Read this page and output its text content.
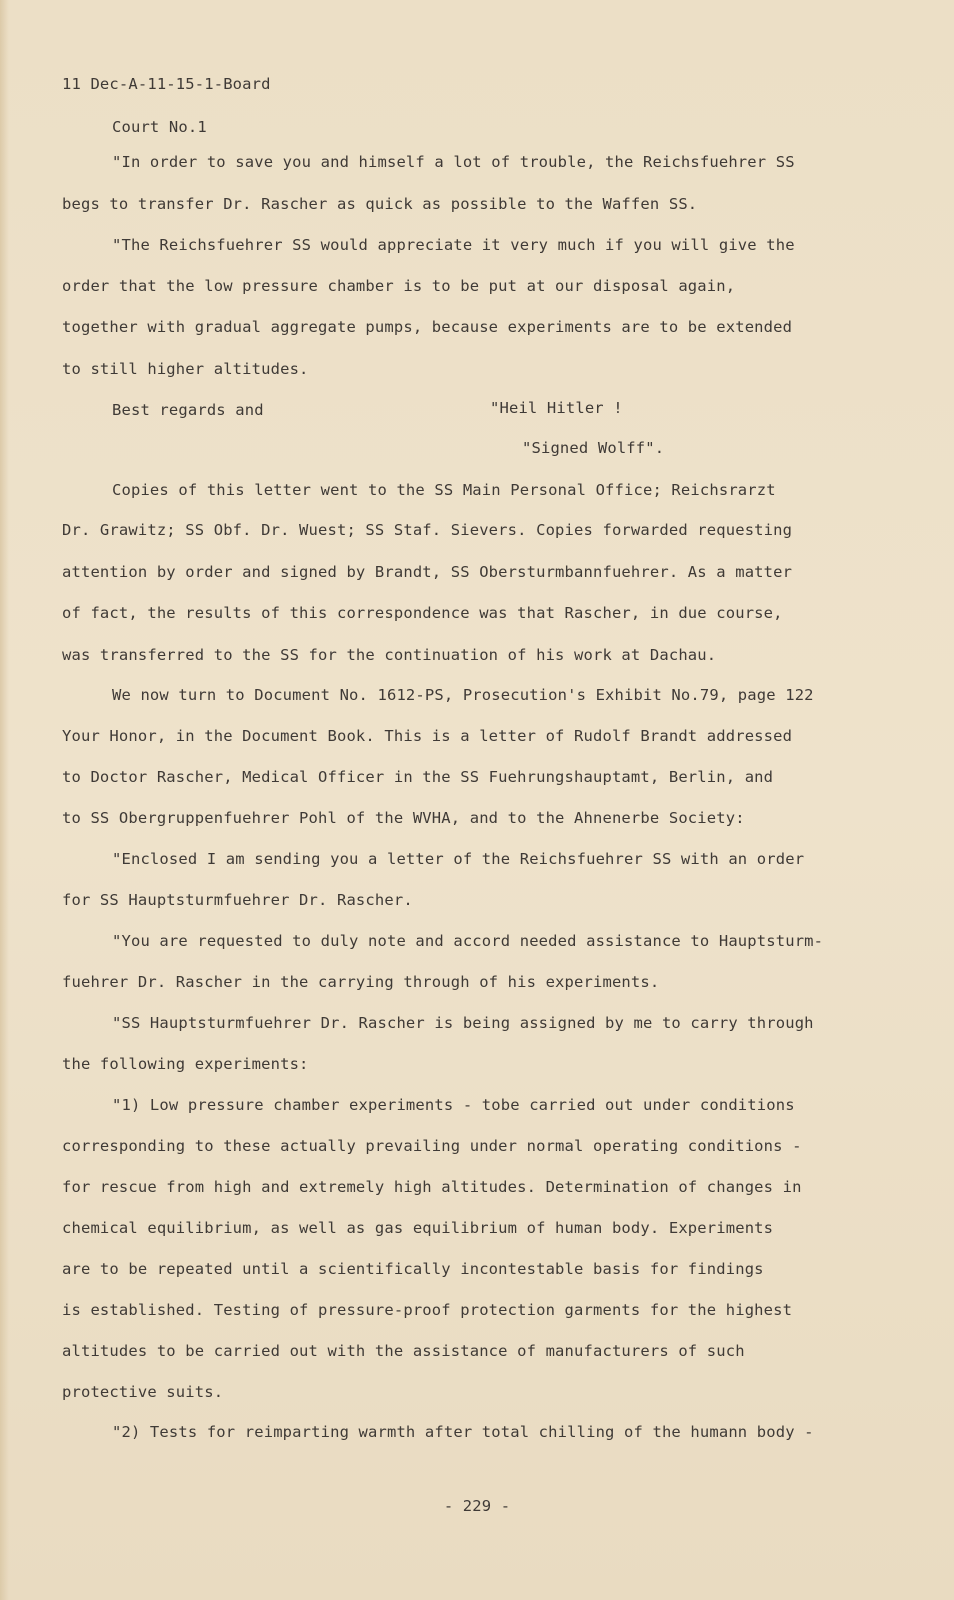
11 Dec-A-11-15-1-Board
Court No.1
"In order to save you and himself a lot of trouble, the Reichsfuehrer SS
begs to transfer Dr. Rascher as quick as possible to the Waffen SS.
"The Reichsfuehrer SS would appreciate it very much if you will give the
order that the low pressure chamber is to be put at our disposal again,
together with gradual aggregate pumps, because experiments are to be extended
to still higher altitudes.
Best regards and	"Heil Hitler !
"Signed Wolff".
Copies of this letter went to the SS Main Personal Office; Reichsrarzt
Dr. Grawitz; SS Obf. Dr. Wuest; SS Staf. Sievers. Copies forwarded requesting
attention by order and signed by Brandt, SS Obersturmbannfuehrer. As a matter
of fact, the results of this correspondence was that Rascher, in due course,
was transferred to the SS for the continuation of his work at Dachau.
We now turn to Document No. 1612-PS, Prosecution's Exhibit No.79, page 122
Your Honor, in the Document Book. This is a letter of Rudolf Brandt addressed
to Doctor Rascher, Medical Officer in the SS Fuehrungshauptamt, Berlin, and
to SS Obergruppenfuehrer Pohl of the WVHA, and to the Ahnenerbe Society:
"Enclosed I am sending you a letter of the Reichsfuehrer SS with an order
for SS Hauptsturmfuehrer Dr. Rascher.
"You are requested to duly note and accord needed assistance to Hauptsturm-
fuehrer Dr. Rascher in the carrying through of his experiments.
"SS Hauptsturmfuehrer Dr. Rascher is being assigned by me to carry through
the following experiments:
"1) Low pressure chamber experiments - tobe carried out under conditions
corresponding to these actually prevailing under normal operating conditions -
for rescue from high and extremely high altitudes. Determination of changes in
chemical equilibrium, as well as gas equilibrium of human body. Experiments
are to be repeated until a scientifically incontestable basis for findings
is established. Testing of pressure-proof protection garments for the highest
altitudes to be carried out with the assistance of manufacturers of such
protective suits.
"2) Tests for reimparting warmth after total chilling of the humann body -
- 229 -
